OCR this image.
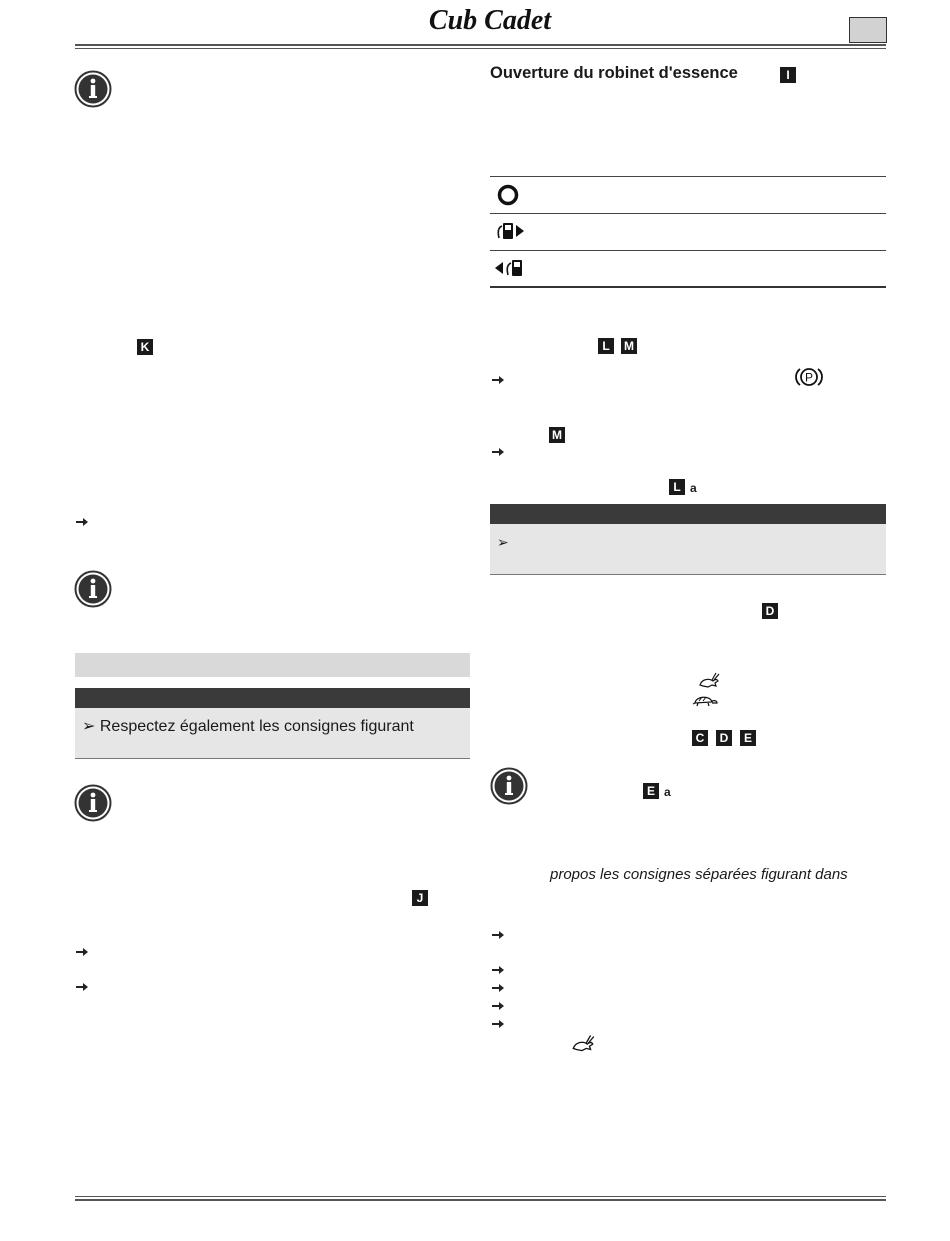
Cub Cadet
K
➢ Respectez également les consignes figurant
J
Ouverture du robinet d'essence	I
L	M
P
M
L a
➢
D
C	D	E
E a
propos les consignes séparées figurant dans
